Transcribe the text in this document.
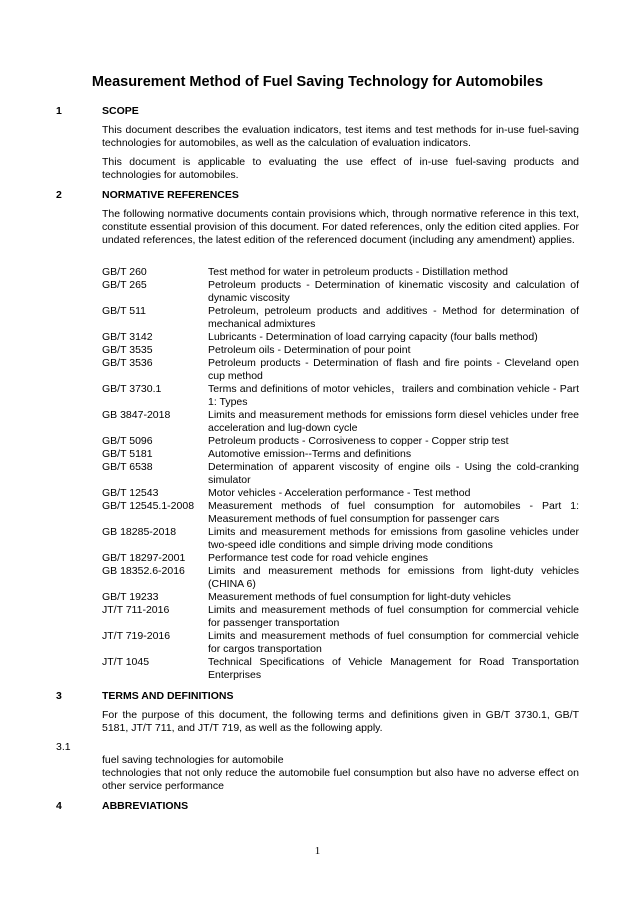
Measurement Method of Fuel Saving Technology for Automobiles
1	SCOPE
This document describes the evaluation indicators, test items and test methods for in-use fuel-saving technologies for automobiles, as well as the calculation of evaluation indicators.
This document is applicable to evaluating the use effect of in-use fuel-saving products and technologies for automobiles.
2	NORMATIVE REFERENCES
The following normative documents contain provisions which, through normative reference in this text, constitute essential provision of this document. For dated references, only the edition cited applies. For undated references, the latest edition of the referenced document (including any amendment) applies.
GB/T 260	Test method for water in petroleum products - Distillation method
GB/T 265	Petroleum products - Determination of kinematic viscosity and calculation of dynamic viscosity
GB/T 511	Petroleum, petroleum products and additives - Method for determination of mechanical admixtures
GB/T 3142	Lubricants - Determination of load carrying capacity (four balls method)
GB/T 3535	Petroleum oils - Determination of pour point
GB/T 3536	Petroleum products - Determination of flash and fire points - Cleveland open cup method
GB/T 3730.1	Terms and definitions of motor vehicles，trailers and combination vehicle - Part 1: Types
GB 3847-2018	Limits and measurement methods for emissions form diesel vehicles under free acceleration and lug-down cycle
GB/T 5096	Petroleum products - Corrosiveness to copper - Copper strip test
GB/T 5181	Automotive emission--Terms and definitions
GB/T 6538	Determination of apparent viscosity of engine oils - Using the cold-cranking simulator
GB/T 12543	Motor vehicles - Acceleration performance - Test method
GB/T 12545.1-2008	Measurement methods of fuel consumption for automobiles - Part 1: Measurement methods of fuel consumption for passenger cars
GB 18285-2018	Limits and measurement methods for emissions from gasoline vehicles under two-speed idle conditions and simple driving mode conditions
GB/T 18297-2001	Performance test code for road vehicle engines
GB 18352.6-2016	Limits and measurement methods for emissions from light-duty vehicles (CHINA 6)
GB/T 19233	Measurement methods of fuel consumption for light-duty vehicles
JT/T 711-2016	Limits and measurement methods of fuel consumption for commercial vehicle for passenger transportation
JT/T 719-2016	Limits and measurement methods of fuel consumption for commercial vehicle for cargos transportation
JT/T 1045	Technical Specifications of Vehicle Management for Road Transportation Enterprises
3	TERMS AND DEFINITIONS
For the purpose of this document, the following terms and definitions given in GB/T 3730.1, GB/T 5181, JT/T 711, and JT/T 719, as well as the following apply.
3.1
fuel saving technologies for automobile
technologies that not only reduce the automobile fuel consumption but also have no adverse effect on other service performance
4	ABBREVIATIONS
1
